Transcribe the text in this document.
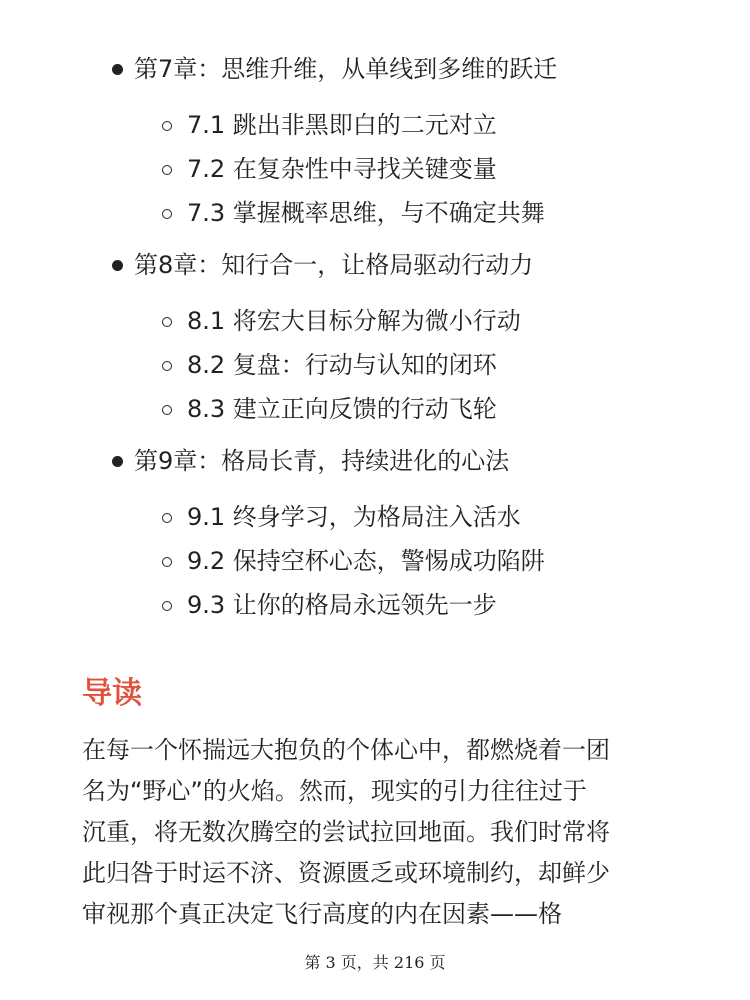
第7章：思维升维，从单线到多维的跃迁
7.1 跳出非黑即白的二元对立
7.2 在复杂性中寻找关键变量
7.3 掌握概率思维，与不确定共舞
第8章：知行合一，让格局驱动行动力
8.1 将宏大目标分解为微小行动
8.2 复盘：行动与认知的闭环
8.3 建立正向反馈的行动飞轮
第9章：格局长青，持续进化的心法
9.1 终身学习，为格局注入活水
9.2 保持空杯心态，警惕成功陷阱
9.3 让你的格局永远领先一步
导读
在每一个怀揣远大抱负的个体心中，都燃烧着一团
名为“野心”的火焰。然而，现实的引力往往过于
沉重，将无数次腾空的尝试拉回地面。我们时常将
此归咎于时运不济、资源匮乏或环境制约，却鲜少
审视那个真正决定飞行高度的内在因素——格
第 3 页，共 216 页
